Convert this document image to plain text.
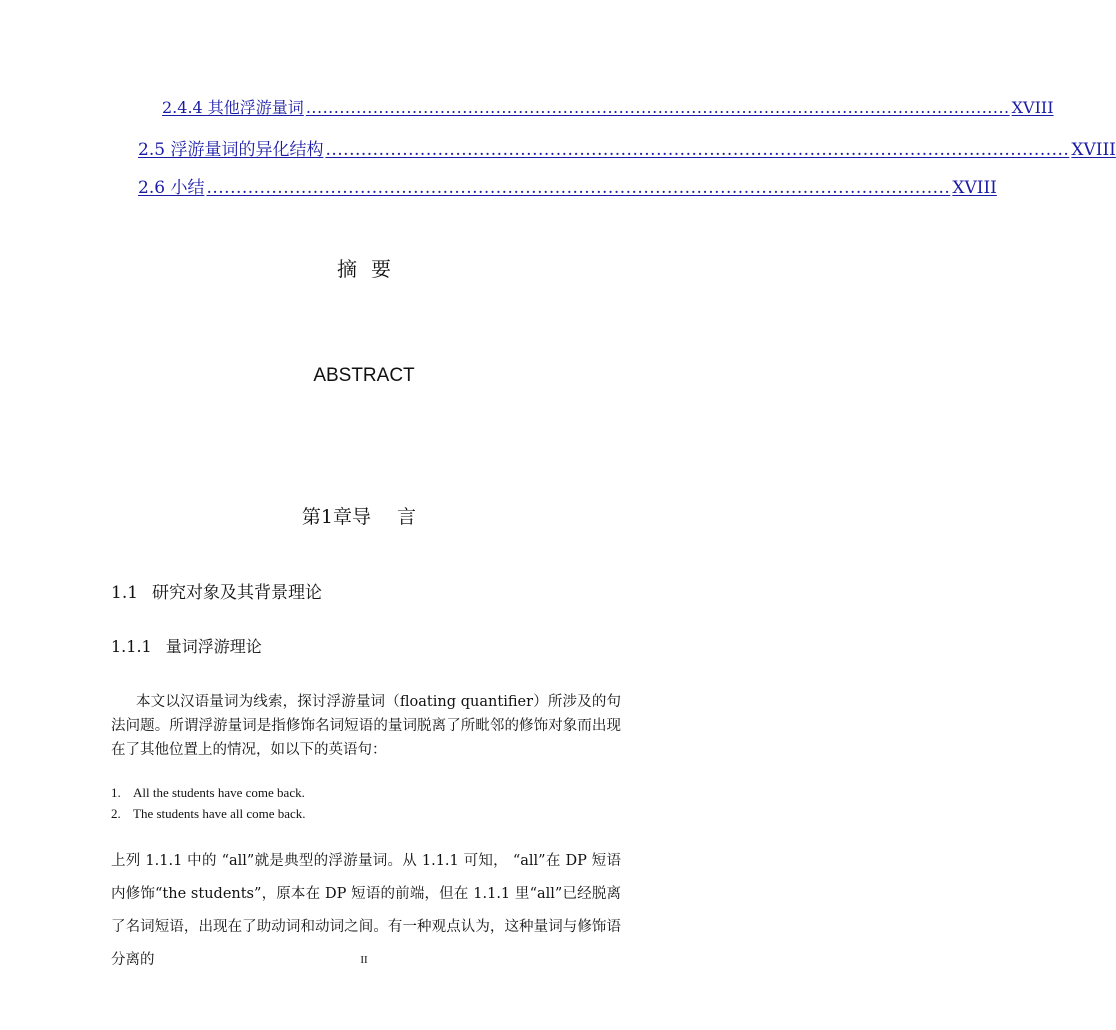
2.4.4 其他浮游量词 .............................................................................................................................. XVIII
2.5 浮游量词的异化结构 .............................................................................................................................. XVIII
2.6 小结 .............................................................................................................................. XVIII
摘要
ABSTRACT
第1章导 言
1.1 研究对象及其背景理论
1.1.1 量词浮游理论
本文以汉语量词为线索，探讨浮游量词（floating quantifier）所涉及的句法问题。所谓浮游量词是指修饰名词短语的量词脱离了所毗邻的修饰对象而出现在了其他位置上的情况，如以下的英语句：
1. All the students have come back.
2. The students have all come back.
上列 1.1.1 中的 “all”就是典型的浮游量词。从 1.1.1 可知， “all”在 DP 短语内修饰“the students”，原本在 DP 短语的前端，但在 1.1.1 里“all”已经脱离了名词短语，出现在了助动词和动词之间。有一种观点认为，这种量词与修饰语分离的	II
